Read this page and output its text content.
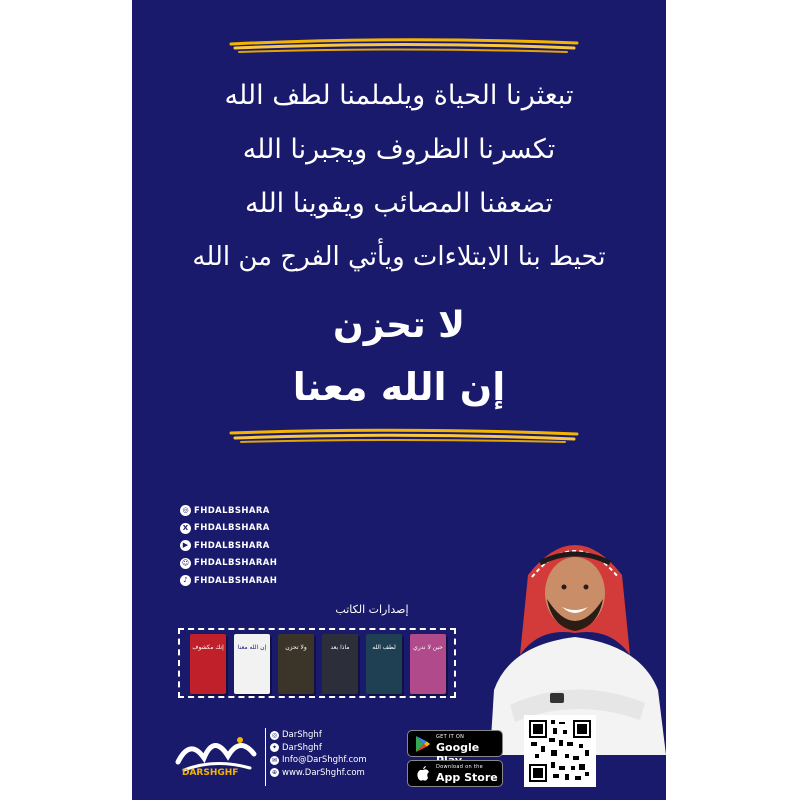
تبعثرنا الحياة ويلملمنا لطف الله
تكسرنا الظروف ويجبرنا الله
تضعفنا المصائب ويقوينا الله
تحيط بنا الابتلاءات ويأتي الفرج من الله
لا تحزن
إن الله معنا
◎ FHDALBSHARA
X FHDALBSHARA
▶ FHDALBSHARA
☺ FHDALBSHARAH
♪ FHDALBSHARAH
إصدارات الكاتب
إنك مكشوف	إن الله معنا	ولا تحزن	ماذا بعد	لطف الله	حين لا ندري
DARSHGHF
◎ DarShghf
✦ DarShghf
✉ Info@DarShghf.com
⊕ www.DarShghf.com
GET IT ON
Google
Download on the
App Store
